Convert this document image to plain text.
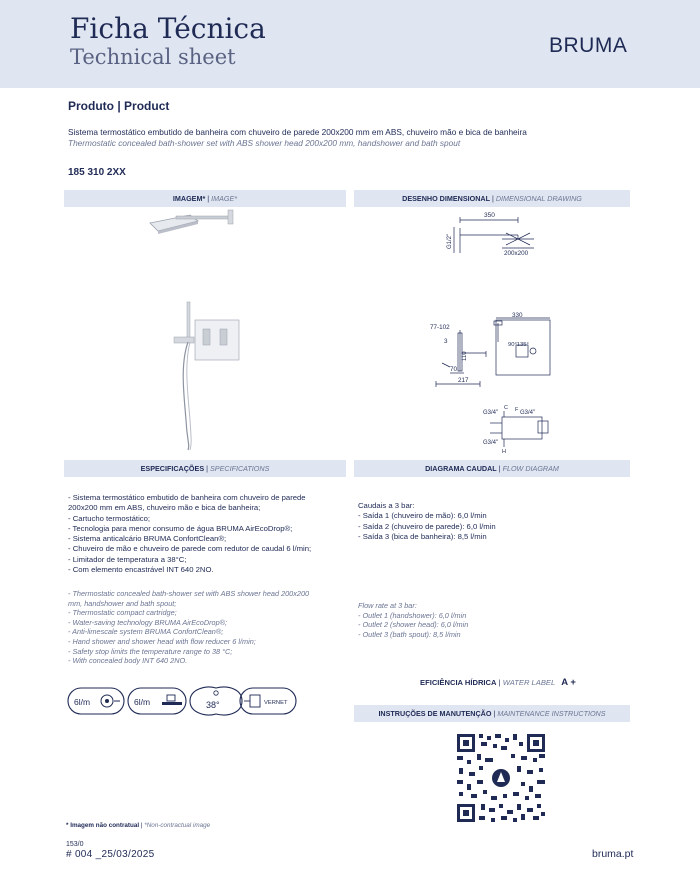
Ficha Técnica
Technical sheet	BRUMA
Produto | Product
Sistema termostático embutido de banheira com chuveiro de parede 200x200 mm em ABS, chuveiro mão e bica de banheira
Thermostatic concealed bath-shower set with ABS shower head 200x200 mm, handshower and bath spout
185 310 2XX
IMAGEM* | IMAGE*	DESENHO DIMENSIONAL | DIMENSIONAL DRAWING
350
G1/2"
200x200
330
77-102
3
110
70
217
90°135°
G3/4"	G3/4"
G3/4"
C F
H
ESPECIFICAÇÕES | SPECIFICATIONS	DIAGRAMA CAUDAL | FLOW DIAGRAM
- Sistema termostático embutido de banheira com chuveiro de parede
200x200 mm em ABS, chuveiro mão e bica de banheira;
- Cartucho termostático;
- Tecnologia para menor consumo de água BRUMA AirEcoDrop®;
- Sistema anticalcário BRUMA ConfortClean®;
- Chuveiro de mão e chuveiro de parede com redutor de caudal 6 l/min;
- Limitador de temperatura a 38°C;
- Com elemento encastrável INT 640 2NO.
- Thermostatic concealed bath-shower set with ABS shower head 200x200
mm, handshower and bath spout;
- Thermostatic compact cartridge;
- Water-saving technology BRUMA AirEcoDrop®;
- Anti-limescale system BRUMA ConfortClean®;
- Hand shower and shower head with flow reducer 6 l/min;
- Safety stop limits the temperature range to 38 °C;
- With concealed body INT 640 2NO.
Caudais a 3 bar:
- Saída 1 (chuveiro de mão): 6,0 l/min
- Saída 2 (chuveiro de parede): 6,0 l/min
- Saída 3 (bica de banheira): 8,5 l/min
Flow rate at 3 bar:
- Outlet 1 (handshower): 6,0 l/min
- Outlet 2 (shower head): 6,0 l/min
- Outlet 3 (bath spout): 8,5 l/min
6l/m	6l/m	38°	VERNET
EFICIÊNCIA HÍDRICA | WATER LABEL A +
INSTRUÇÕES DE MANUTENÇÃO | MAINTENANCE INSTRUCTIONS
* Imagem não contratual | *Non-contractual image
153/0
# 004 _25/03/2025	bruma.pt
